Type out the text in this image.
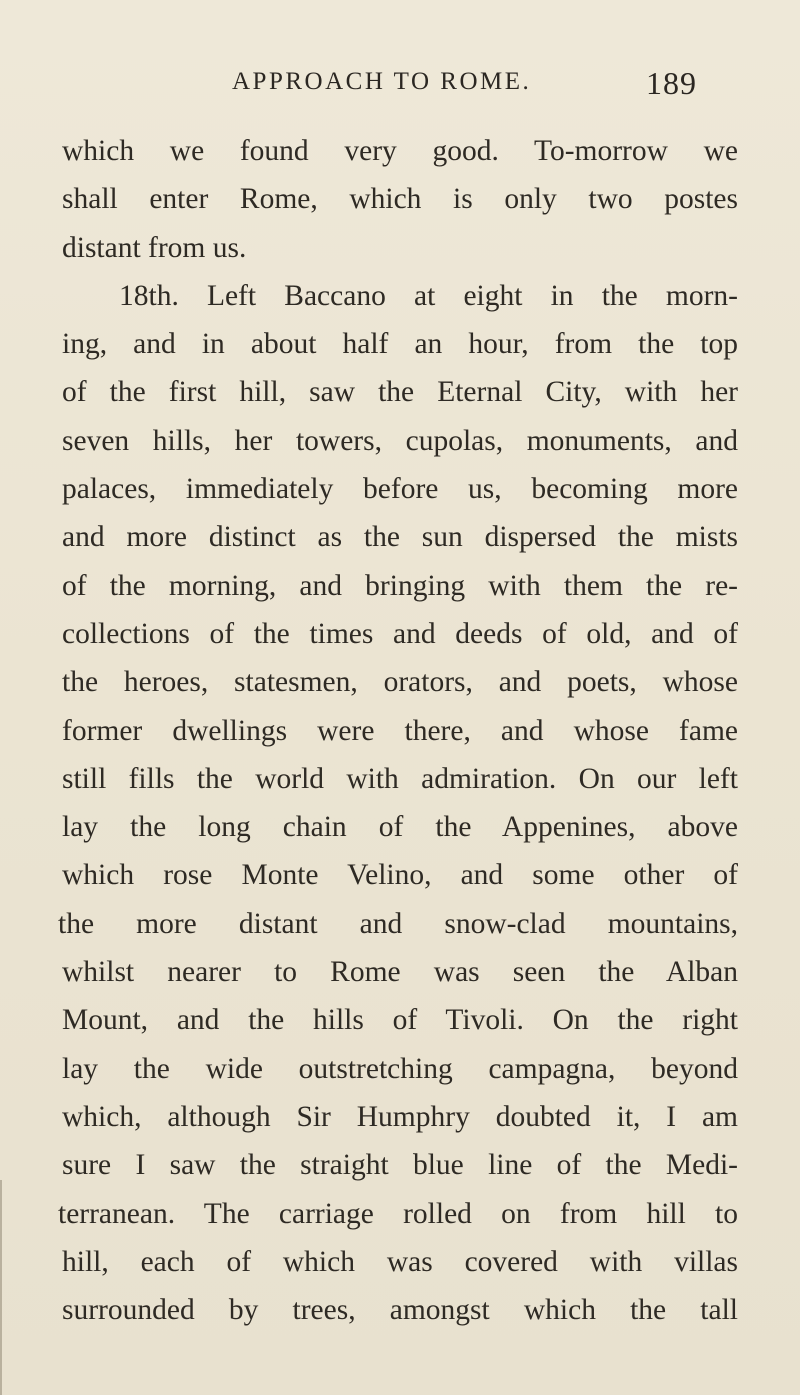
APPROACH TO ROME.	189
which we found very good. To-morrow we
shall enter Rome, which is only two postes
distant from us.
18th. Left Baccano at eight in the morn-
ing, and in about half an hour, from the top
of the first hill, saw the Eternal City, with her
seven hills, her towers, cupolas, monuments, and
palaces, immediately before us, becoming more
and more distinct as the sun dispersed the mists
of the morning, and bringing with them the re-
collections of the times and deeds of old, and of
the heroes, statesmen, orators, and poets, whose
former dwellings were there, and whose fame
still fills the world with admiration. On our left
lay the long chain of the Appenines, above
which rose Monte Velino, and some other of
the more distant and snow-clad mountains,
whilst nearer to Rome was seen the Alban
Mount, and the hills of Tivoli. On the right
lay the wide outstretching campagna, beyond
which, although Sir Humphry doubted it, I am
sure I saw the straight blue line of the Medi-
terranean. The carriage rolled on from hill to
hill, each of which was covered with villas
surrounded by trees, amongst which the tall
